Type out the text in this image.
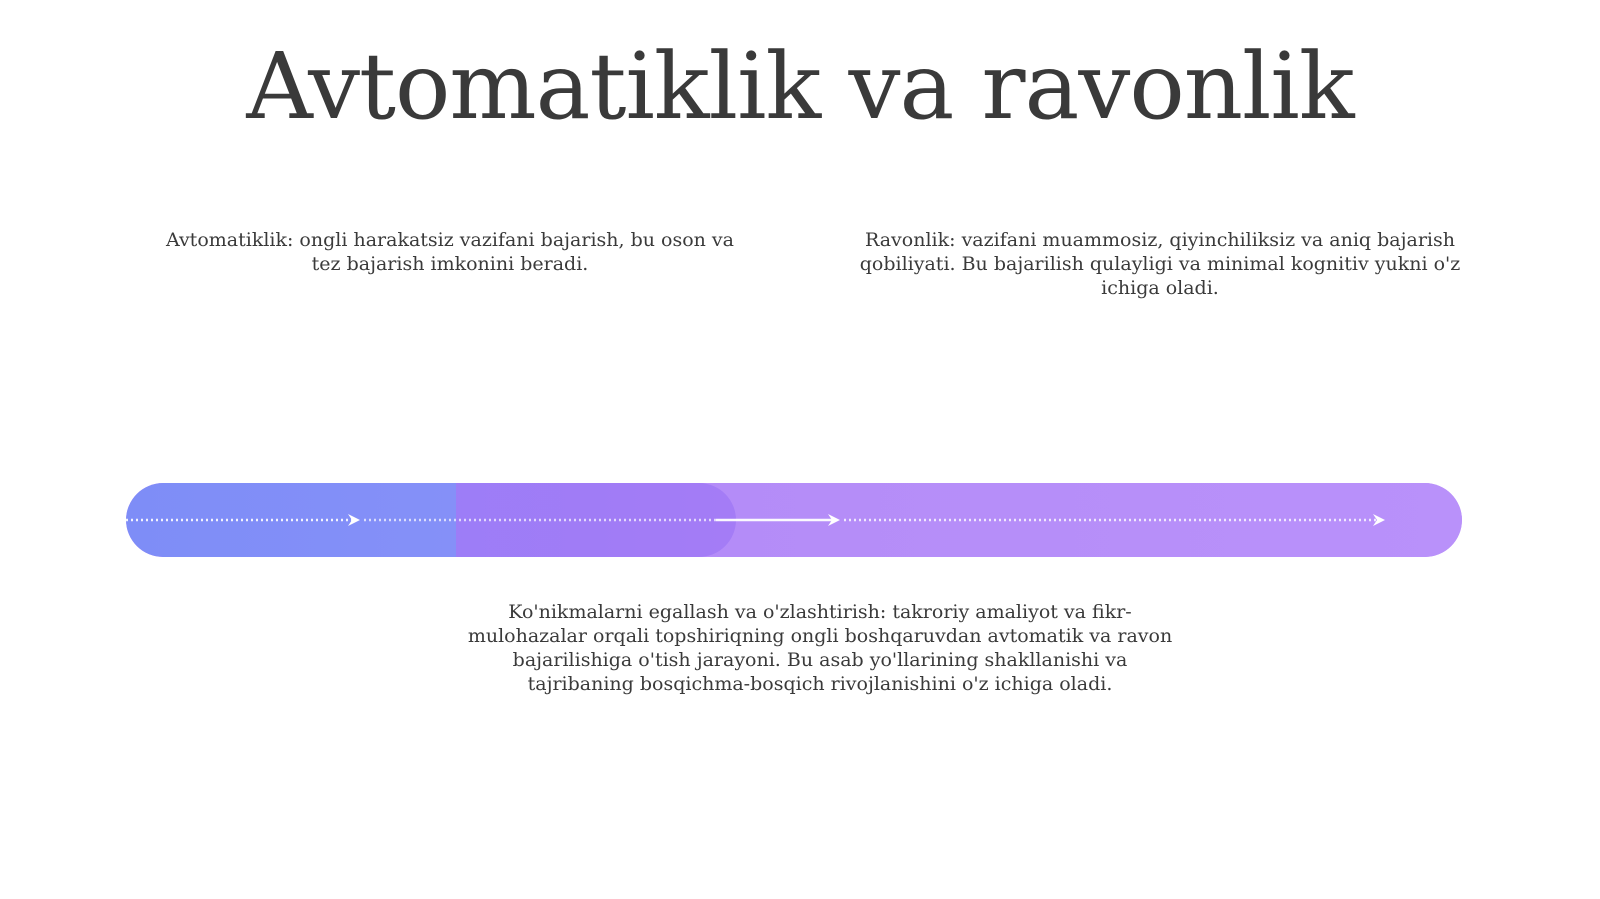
Avtomatiklik va ravonlik

Avtomatiklik: ongli harakatsiz vazifani bajarish, bu oson va tez bajarish imkonini beradi.

Ravonlik: vazifani muammosiz, qiyinchiliksiz va aniq bajarish qobiliyati. Bu bajarilish qulayligi va minimal kognitiv yukni o'z ichiga oladi.

Ko'nikmalarni egallash va o'zlashtirish: takroriy amaliyot va fikr-mulohazalar orqali topshiriqning ongli boshqaruvdan avtomatik va ravon bajarilishiga o'tish jarayoni. Bu asab yo'llarining shakllanishi va tajribaning bosqichma-bosqich rivojlanishini o'z ichiga oladi.
